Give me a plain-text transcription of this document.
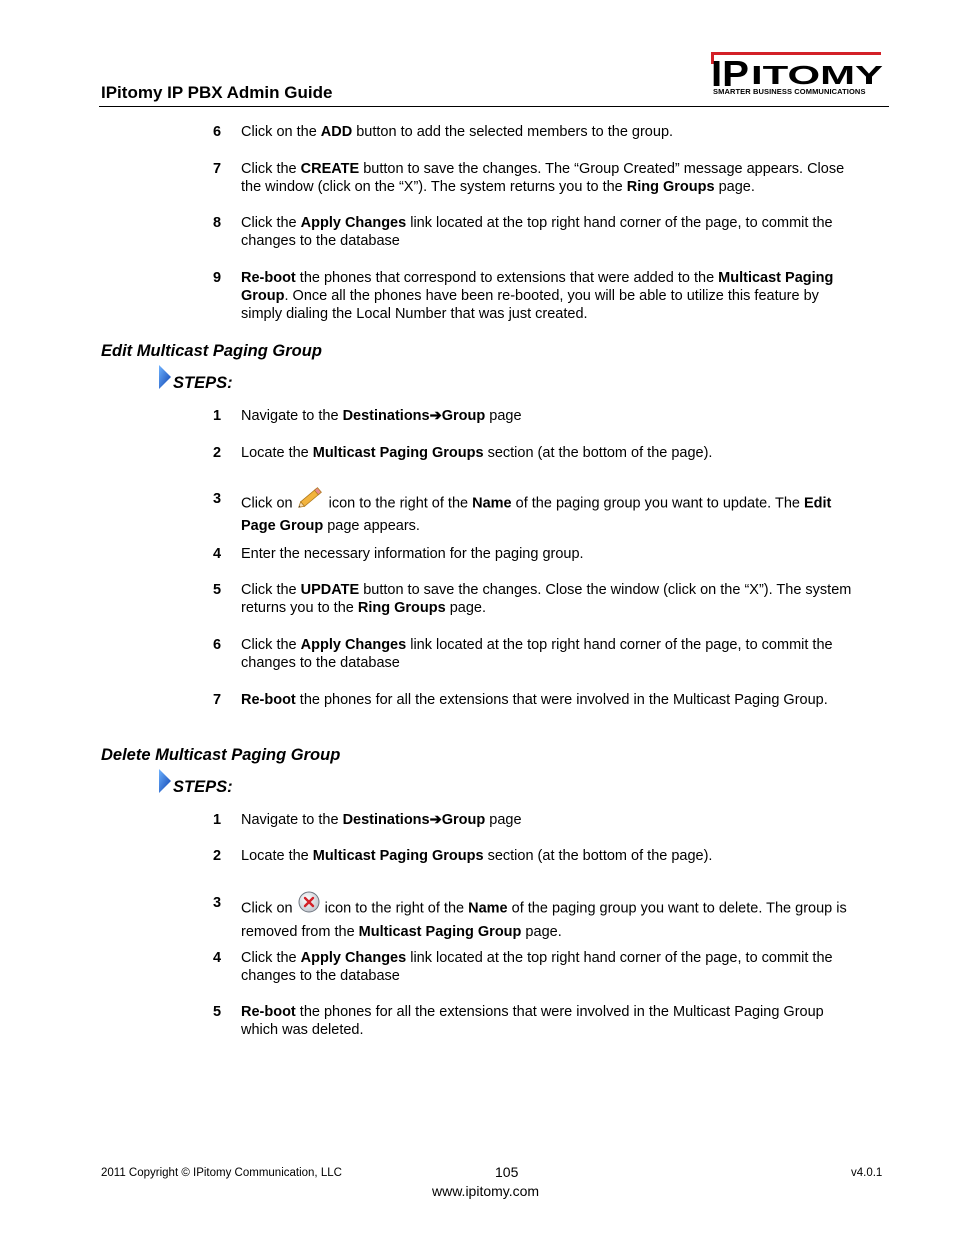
IPitomy IP PBX Admin Guide	IP ITOMY
SMARTER BUSINESS COMMUNICATIONS
6	Click on the ADD button to add the selected members to the group.
7	Click the CREATE button to save the changes. The “Group Created” message appears. Close the window (click on the “X”). The system returns you to the Ring Groups page.
8	Click the Apply Changes link located at the top right hand corner of the page, to commit the changes to the database
9	Re-boot the phones that correspond to extensions that were added to the Multicast Paging Group. Once all the phones have been re-booted, you will be able to utilize this feature by simply dialing the Local Number that was just created.
Edit Multicast Paging Group
STEPS:
1	Navigate to the Destinations➔Group page
2	Locate the Multicast Paging Groups section (at the bottom of the page).
3	Click on  icon to the right of the Name of the paging group you want to update. The Edit Page Group page appears.
4	Enter the necessary information for the paging group.
5	Click the UPDATE button to save the changes. Close the window (click on the “X”). The system returns you to the Ring Groups page.
6	Click the Apply Changes link located at the top right hand corner of the page, to commit the changes to the database
7	Re-boot the phones for all the extensions that were involved in the Multicast Paging Group.
Delete Multicast Paging Group
STEPS:
1	Navigate to the Destinations➔Group page
2	Locate the Multicast Paging Groups section (at the bottom of the page).
3	Click on  icon to the right of the Name of the paging group you want to delete. The group is removed from the Multicast Paging Group page.
4	Click the Apply Changes link located at the top right hand corner of the page, to commit the changes to the database
5	Re-boot the phones for all the extensions that were involved in the Multicast Paging Group which was deleted.
2011 Copyright © IPitomy Communication, LLC	105
www.ipitomy.com
v4.0.1
